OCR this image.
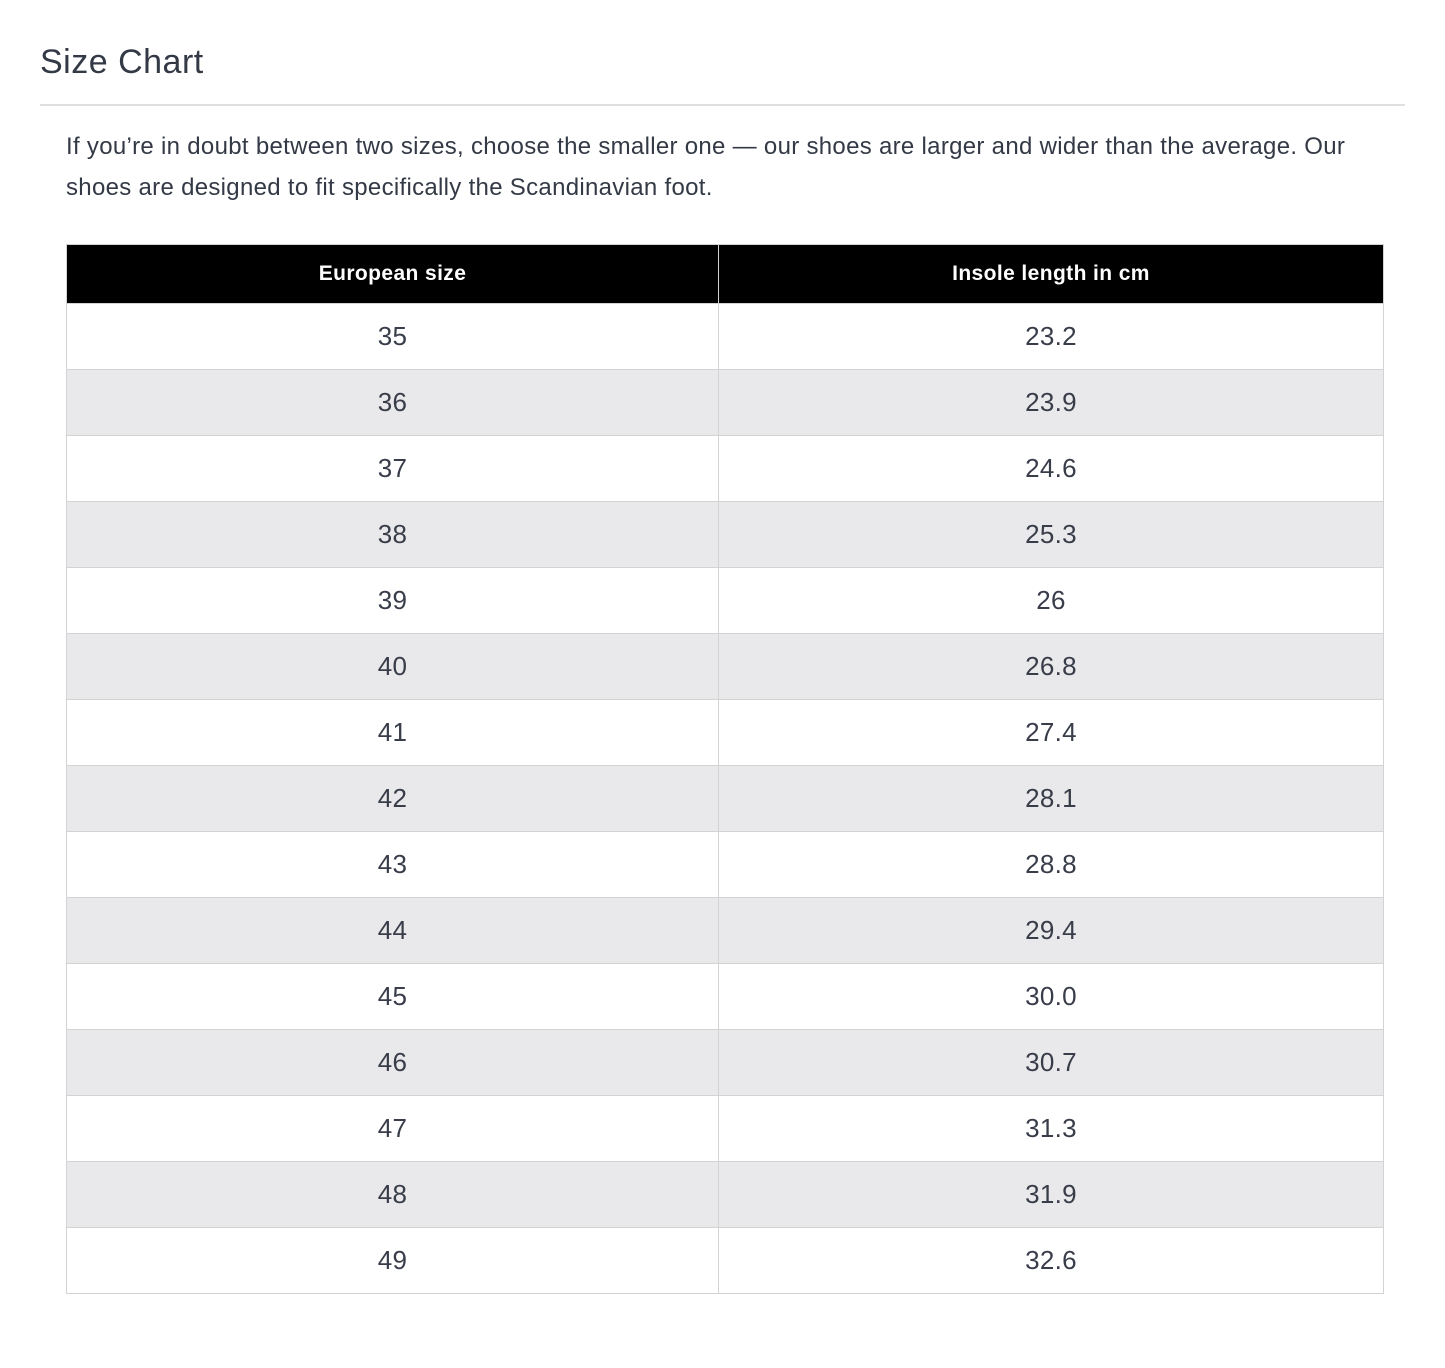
Size Chart

If you’re in doubt between two sizes, choose the smaller one — our shoes are larger and wider than the average. Our shoes are designed to fit specifically the Scandinavian foot.

European size	Insole length in cm
35	23.2
36	23.9
37	24.6
38	25.3
39	26
40	26.8
41	27.4
42	28.1
43	28.8
44	29.4
45	30.0
46	30.7
47	31.3
48	31.9
49	32.6
